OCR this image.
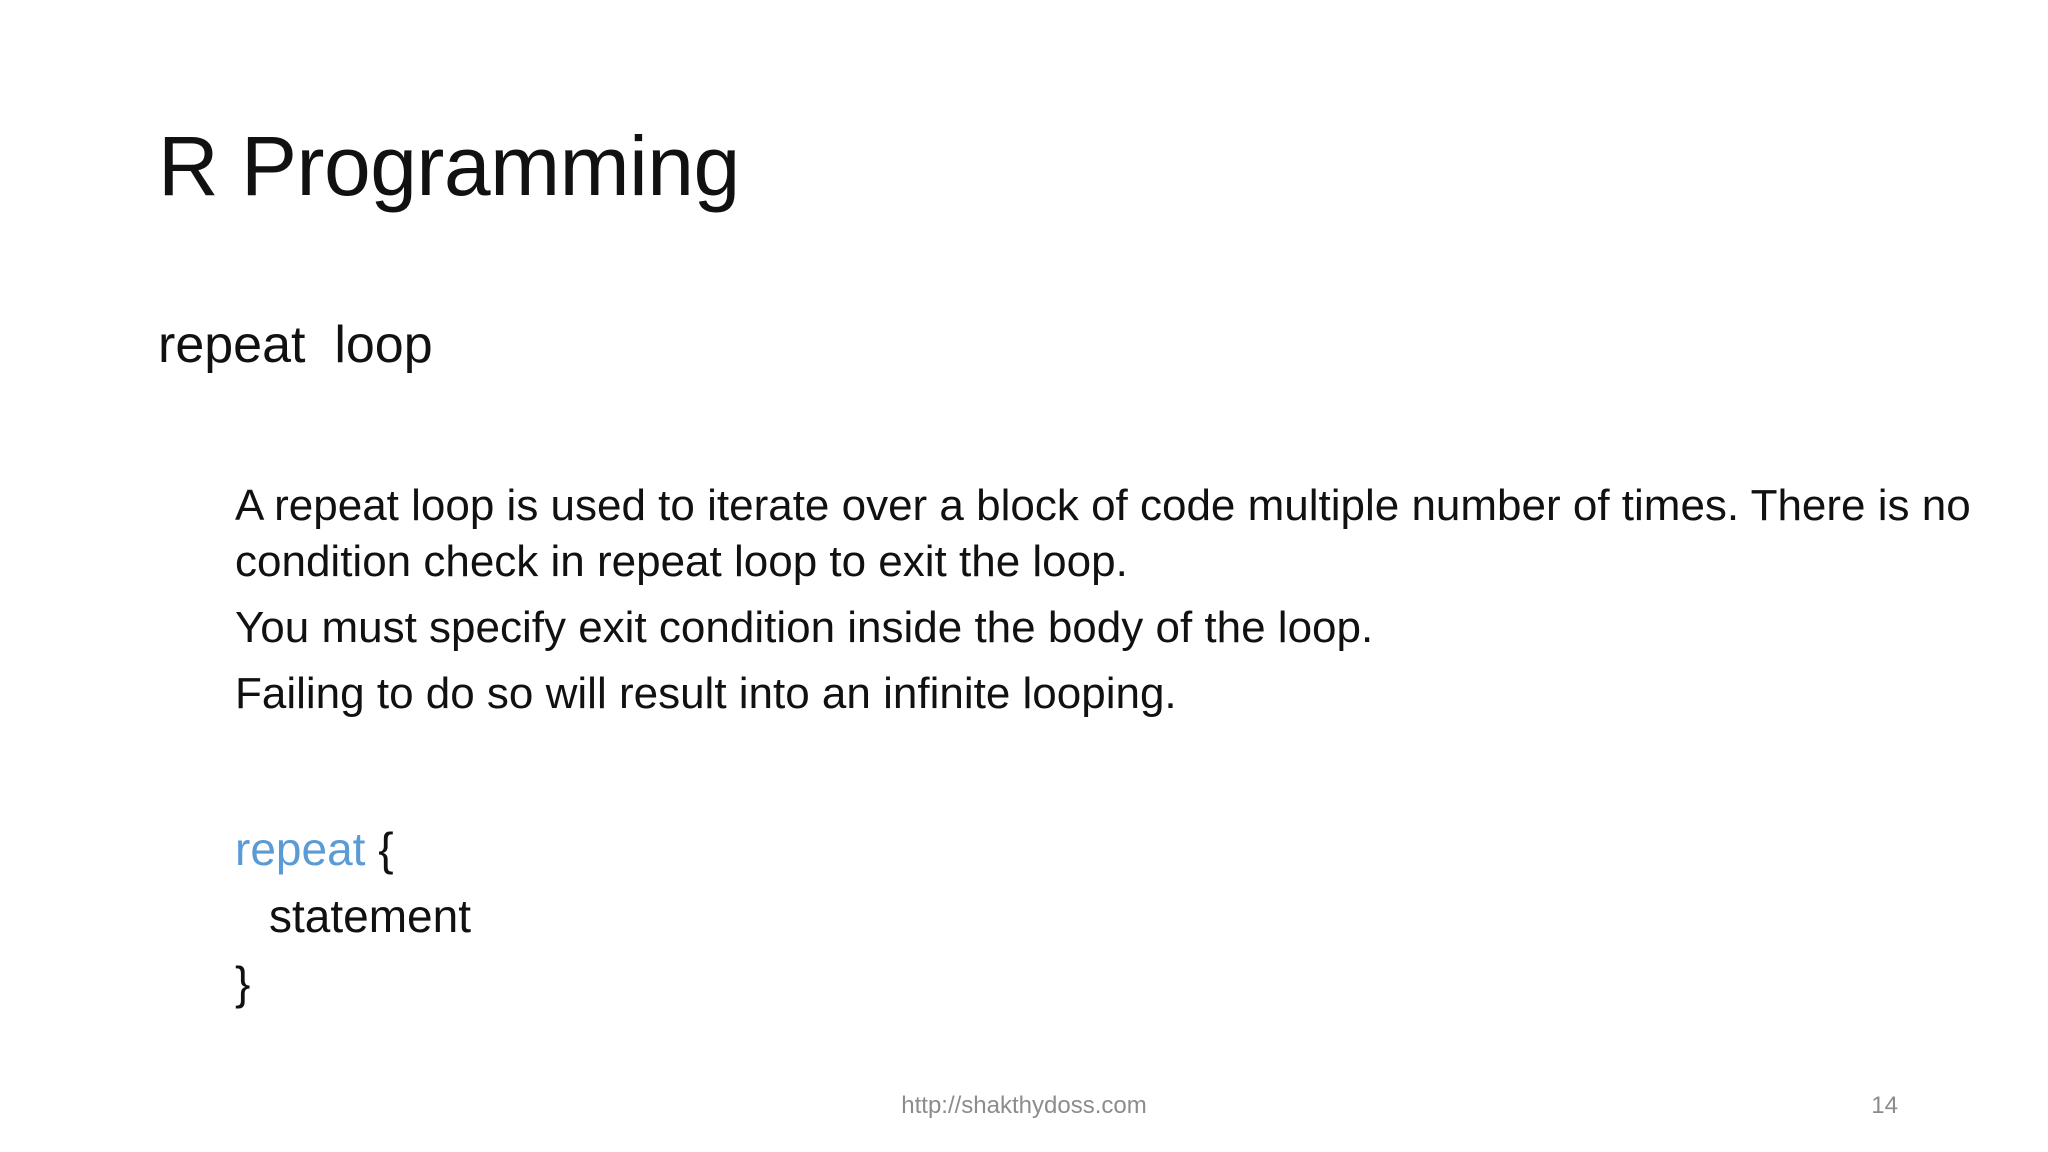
R Programming
repeat  loop

A repeat loop is used to iterate over a block of code multiple number of times. There is no condition check in repeat loop to exit the loop.

You must specify exit condition inside the body of the loop.

Failing to do so will result into an infinite looping.

repeat {
statement
}
http://shakthydoss.com	14
